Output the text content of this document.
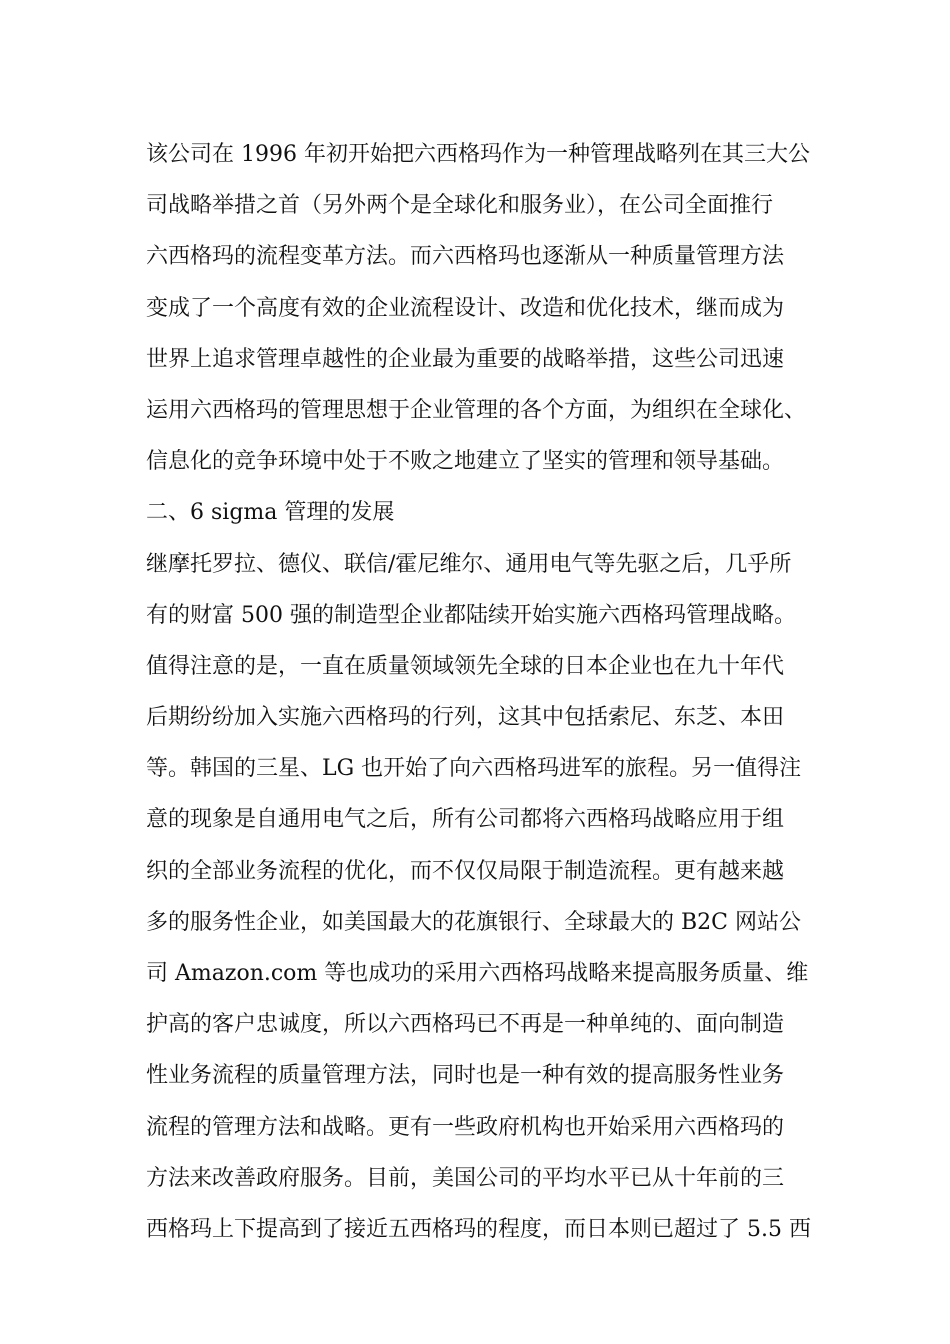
该公司在 1996 年初开始把六西格玛作为一种管理战略列在其三大公
司战略举措之首（另外两个是全球化和服务业），在公司全面推行
六西格玛的流程变革方法。而六西格玛也逐渐从一种质量管理方法
变成了一个高度有效的企业流程设计、改造和优化技术，继而成为
世界上追求管理卓越性的企业最为重要的战略举措，这些公司迅速
运用六西格玛的管理思想于企业管理的各个方面，为组织在全球化、
信息化的竞争环境中处于不败之地建立了坚实的管理和领导基础。
二、6 sigma 管理的发展
继摩托罗拉、德仪、联信/霍尼维尔、通用电气等先驱之后，几乎所
有的财富 500 强的制造型企业都陆续开始实施六西格玛管理战略。
值得注意的是，一直在质量领域领先全球的日本企业也在九十年代
后期纷纷加入实施六西格玛的行列，这其中包括索尼、东芝、本田
等。韩国的三星、LG 也开始了向六西格玛进军的旅程。另一值得注
意的现象是自通用电气之后，所有公司都将六西格玛战略应用于组
织的全部业务流程的优化，而不仅仅局限于制造流程。更有越来越
多的服务性企业，如美国最大的花旗银行、全球最大的 B2C 网站公
司 Amazon.com 等也成功的采用六西格玛战略来提高服务质量、维
护高的客户忠诚度，所以六西格玛已不再是一种单纯的、面向制造
性业务流程的质量管理方法，同时也是一种有效的提高服务性业务
流程的管理方法和战略。更有一些政府机构也开始采用六西格玛的
方法来改善政府服务。目前，美国公司的平均水平已从十年前的三
西格玛上下提高到了接近五西格玛的程度，而日本则已超过了 5.5 西
